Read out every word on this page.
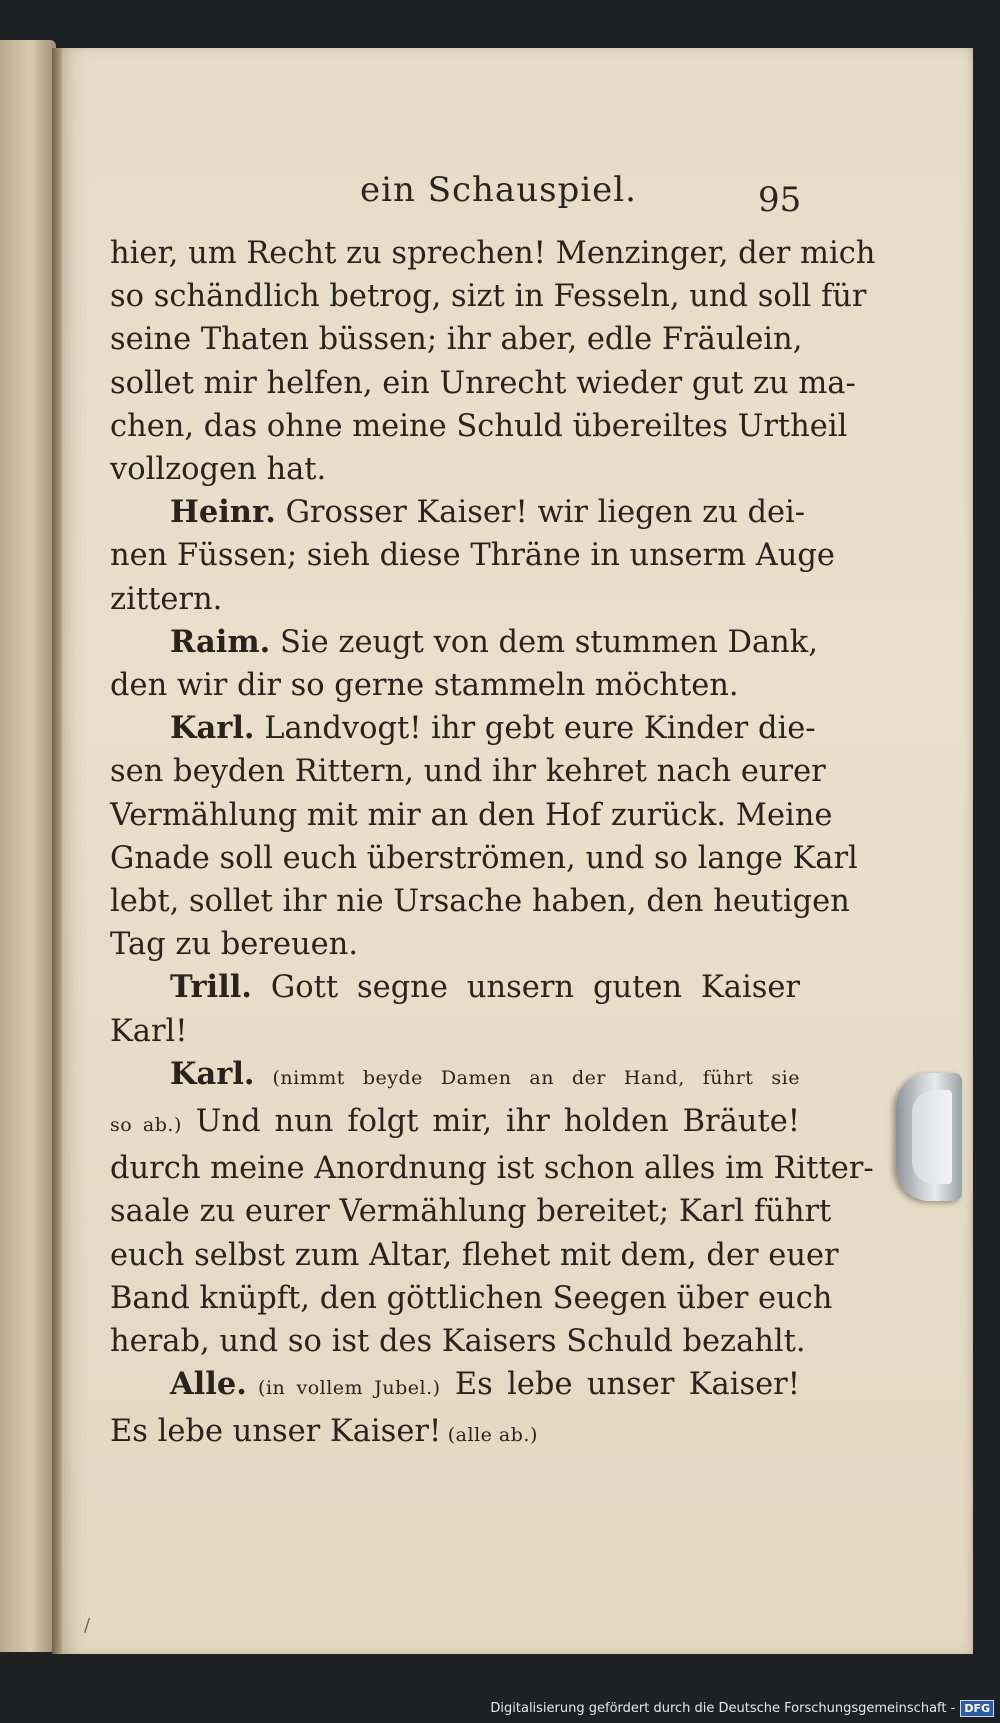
ein Schauspiel.	95
hier, um Recht zu sprechen! Menzinger, der mich
so schändlich betrog, sizt in Fesseln, und soll für
seine Thaten büssen; ihr aber, edle Fräulein,
sollet mir helfen, ein Unrecht wieder gut zu ma-
chen, das ohne meine Schuld übereiltes Urtheil
vollzogen hat.
Heinr. Grosser Kaiser! wir liegen zu dei-
nen Füssen; sieh diese Thräne in unserm Auge
zittern.
Raim. Sie zeugt von dem stummen Dank,
den wir dir so gerne stammeln möchten.
Karl. Landvogt! ihr gebt eure Kinder die-
sen beyden Rittern, und ihr kehret nach eurer
Vermählung mit mir an den Hof zurück. Meine
Gnade soll euch überströmen, und so lange Karl
lebt, sollet ihr nie Ursache haben, den heutigen
Tag zu bereuen.
Trill. Gott segne unsern guten Kaiser
Karl!
Karl. (nimmt beyde Damen an der Hand, führt sie
so ab.) Und nun folgt mir, ihr holden Bräute!
durch meine Anordnung ist schon alles im Ritter-
saale zu eurer Vermählung bereitet; Karl führt
euch selbst zum Altar, flehet mit dem, der euer
Band knüpft, den göttlichen Seegen über euch
herab, und so ist des Kaisers Schuld bezahlt.
Alle. (in vollem Jubel.) Es lebe unser Kaiser!
Es lebe unser Kaiser! (alle ab.)
/
Digitalisierung gefördert durch die Deutsche Forschungsgemeinschaft - DFG
